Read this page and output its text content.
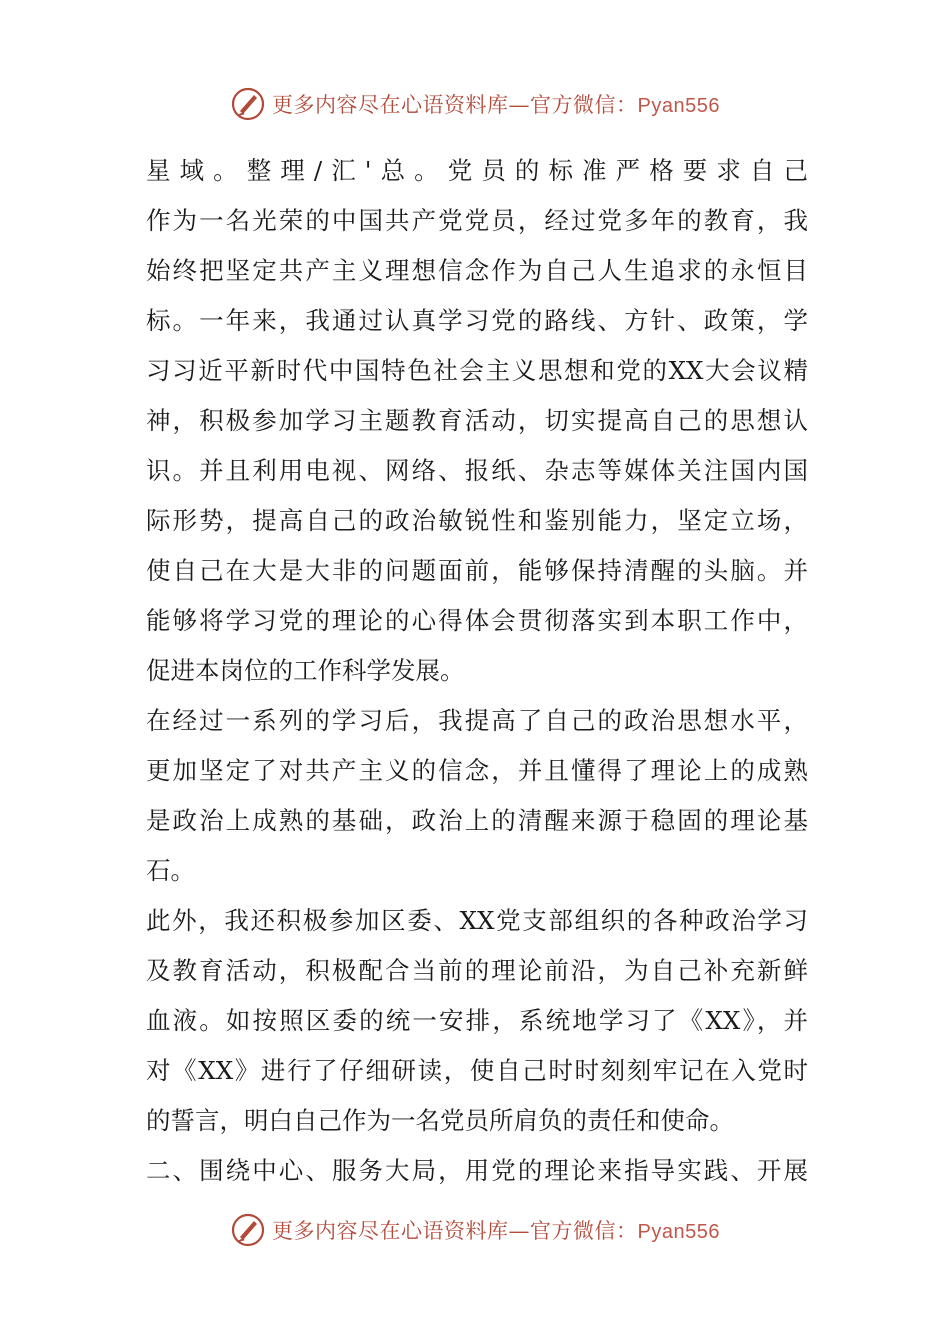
更多内容尽在心语资料库—官方微信：Pyan556
星域。整理/汇'总。党员的标准严格要求自己
作为一名光荣的中国共产党党员，经过党多年的教育，我
始终把坚定共产主义理想信念作为自己人生追求的永恒目
标。一年来，我通过认真学习党的路线、方针、政策，学
习习近平新时代中国特色社会主义思想和党的XX大会议精
神，积极参加学习主题教育活动，切实提高自己的思想认
识。并且利用电视、网络、报纸、杂志等媒体关注国内国
际形势，提高自己的政治敏锐性和鉴别能力，坚定立场，
使自己在大是大非的问题面前，能够保持清醒的头脑。并
能够将学习党的理论的心得体会贯彻落实到本职工作中，
促进本岗位的工作科学发展。
在经过一系列的学习后，我提高了自己的政治思想水平，
更加坚定了对共产主义的信念，并且懂得了理论上的成熟
是政治上成熟的基础，政治上的清醒来源于稳固的理论基
石。
此外，我还积极参加区委、XX党支部组织的各种政治学习
及教育活动，积极配合当前的理论前沿，为自己补充新鲜
血液。如按照区委的统一安排，系统地学习了《XX》，并
对《XX》进行了仔细研读，使自己时时刻刻牢记在入党时
的誓言，明白自己作为一名党员所肩负的责任和使命。
二、围绕中心、服务大局，用党的理论来指导实践、开展
更多内容尽在心语资料库—官方微信：Pyan556
